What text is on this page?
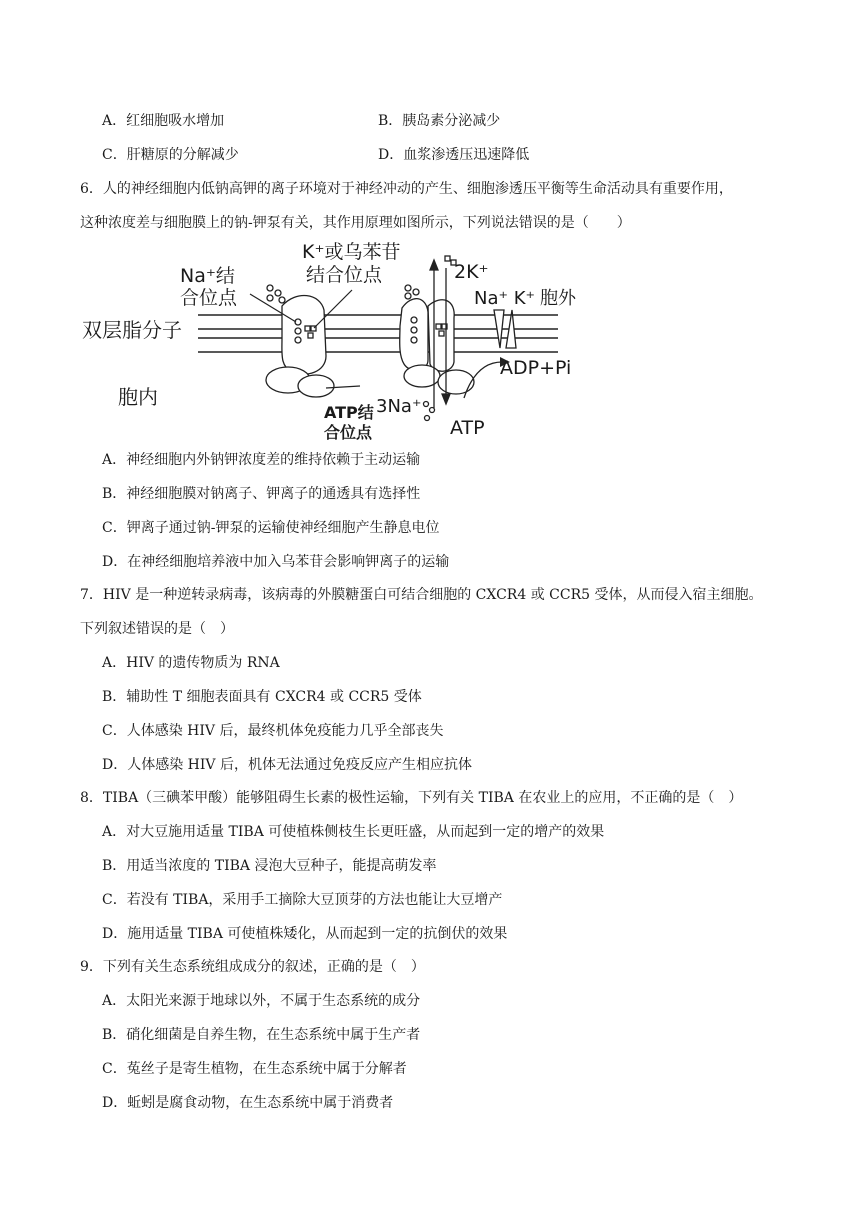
A．红细胞吸水增加	B．胰岛素分泌减少
C．肝糖原的分解减少	D．血浆渗透压迅速降低
6．人的神经细胞内低钠高钾的离子环境对于神经冲动的产生、细胞渗透压平衡等生命活动具有重要作用，
这种浓度差与细胞膜上的钠-钾泵有关，其作用原理如图所示，下列说法错误的是（　　）
Na⁺结
合位点
K⁺或乌苯苷
结合位点	2K⁺
Na⁺ K⁺ 胞外
双层脂分子
胞内
ATP结
合位点
3Na⁺
ATP
ADP+Pi
A．神经细胞内外钠钾浓度差的维持依赖于主动运输
B．神经细胞膜对钠离子、钾离子的通透具有选择性
C．钾离子通过钠-钾泵的运输使神经细胞产生静息电位
D．在神经细胞培养液中加入乌苯苷会影响钾离子的运输
7．HIV 是一种逆转录病毒，该病毒的外膜糖蛋白可结合细胞的 CXCR4 或 CCR5 受体，从而侵入宿主细胞。
下列叙述错误的是（　）
A．HIV 的遗传物质为 RNA
B．辅助性 T 细胞表面具有 CXCR4 或 CCR5 受体
C．人体感染 HIV 后，最终机体免疫能力几乎全部丧失
D．人体感染 HIV 后，机体无法通过免疫反应产生相应抗体
8．TIBA（三碘苯甲酸）能够阻碍生长素的极性运输，下列有关 TIBA 在农业上的应用，不正确的是（　）
A．对大豆施用适量 TIBA 可使植株侧枝生长更旺盛，从而起到一定的增产的效果
B．用适当浓度的 TIBA 浸泡大豆种子，能提高萌发率
C．若没有 TIBA，采用手工摘除大豆顶芽的方法也能让大豆增产
D．施用适量 TIBA 可使植株矮化，从而起到一定的抗倒伏的效果
9．下列有关生态系统组成成分的叙述，正确的是（　）
A．太阳光来源于地球以外，不属于生态系统的成分
B．硝化细菌是自养生物，在生态系统中属于生产者
C．菟丝子是寄生植物，在生态系统中属于分解者
D．蚯蚓是腐食动物，在生态系统中属于消费者
